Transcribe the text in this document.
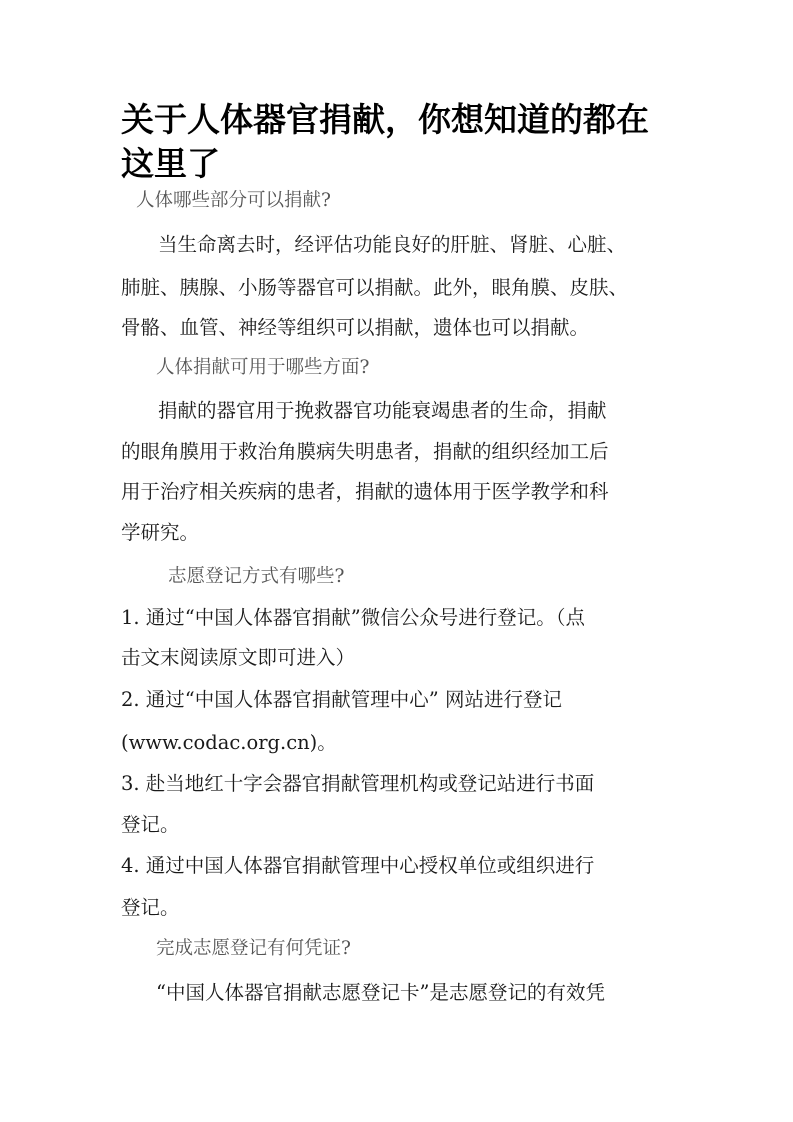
关于人体器官捐献，你想知道的都在这里了
人体哪些部分可以捐献?
当生命离去时，经评估功能良好的肝脏、肾脏、心脏、
肺脏、胰腺、小肠等器官可以捐献。此外，眼角膜、皮肤、
骨骼、血管、神经等组织可以捐献，遗体也可以捐献。
人体捐献可用于哪些方面?
捐献的器官用于挽救器官功能衰竭患者的生命，捐献
的眼角膜用于救治角膜病失明患者，捐献的组织经加工后
用于治疗相关疾病的患者，捐献的遗体用于医学教学和科
学研究。
志愿登记方式有哪些?
1. 通过“中国人体器官捐献”微信公众号进行登记。（点
击文末阅读原文即可进入）
2. 通过“中国人体器官捐献管理中心” 网站进行登记
(www.codac.org.cn)。
3. 赴当地红十字会器官捐献管理机构或登记站进行书面
登记。
4. 通过中国人体器官捐献管理中心授权单位或组织进行
登记。
完成志愿登记有何凭证?
“中国人体器官捐献志愿登记卡”是志愿登记的有效凭
